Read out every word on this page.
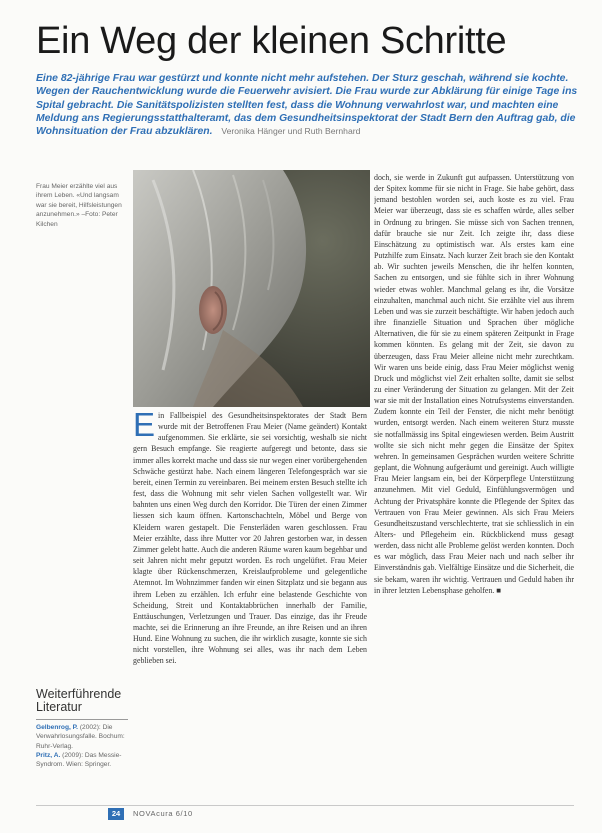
Ein Weg der kleinen Schritte
Eine 82-jährige Frau war gestürzt und konnte nicht mehr aufstehen. Der Sturz geschah, während sie kochte. Wegen der Rauchentwicklung wurde die Feuerwehr avisiert. Die Frau wurde zur Abklärung für einige Tage ins Spital gebracht. Die Sanitätspolizisten stellten fest, dass die Wohnung verwahrlost war, und machten eine Meldung ans Regierungsstatthalteramt, das dem Gesundheitsinspektorat der Stadt Bern den Auftrag gab, die Wohnsituation der Frau abzuklären. Veronika Hänger und Ruth Bernhard
Frau Meier erzählte viel aus ihrem Leben. «Und langsam war sie bereit, Hilfsleistungen anzunehmen.» –Foto: Peter Kilchen

Ein Fallbeispiel des Gesundheitsinspektorates der Stadt Bern wurde mit der Betroffenen Frau Meier (Name geändert) Kontakt aufgenommen. Sie erklärte, sie sei vorsichtig, weshalb sie nicht gern Besuch empfange. Sie reagierte aufgeregt und betonte, dass sie immer alles korrekt mache und dass sie nur wegen einer vorübergehenden Schwäche gestürzt habe. Nach einem längeren Telefongespräch war sie bereit, einen Termin zu vereinbaren. Bei meinem ersten Besuch stellte ich fest, dass die Wohnung mit sehr vielen Sachen vollgestellt war. Wir bahnten uns einen Weg durch den Korridor. Die Türen der einen Zimmer liessen sich kaum öffnen. Kartonschachteln, Möbel und Berge von Kleidern waren gestapelt. Die Fensterläden waren geschlossen. Frau Meier erzählte, dass ihre Mutter vor 20 Jahren gestorben war, in dessen Zimmer gelebt hatte. Auch die anderen Räume waren kaum begehbar und seit Jahren nicht mehr geputzt worden. Es roch ungelüftet. Frau Meier klagte über Rückenschmerzen, Kreislaufprobleme und gelegentliche Atemnot. Im Wohnzimmer fanden wir einen Sitzplatz und sie begann aus ihrem Leben zu erzählen. Ich erfuhr eine belastende Geschichte von Scheidung, Streit und Kontaktabbrüchen innerhalb der Familie, Enttäuschungen, Verletzungen und Trauer. Das einzige, das ihr Freude machte, sei die Erinnerung an ihre Freunde, an ihre Reisen und an ihren Hund. Eine Wohnung zu suchen, die ihr wirklich zusagte, konnte sie sich nicht vorstellen, ihre Wohnung sei alles, was ihr nach dem Leben geblieben sei.

doch, sie werde in Zukunft gut aufpassen. Unterstützung von der Spitex komme für sie nicht in Frage. Sie habe gehört, dass jemand bestohlen worden sei, auch koste es zu viel. Frau Meier war überzeugt, dass sie es schaffen würde, alles selber in Ordnung zu bringen. Sie müsse sich von Sachen trennen, dafür brauche sie nur Zeit. Ich zeigte ihr, dass diese Einschätzung zu optimistisch war. Als erstes kam eine Putzhilfe zum Einsatz. Nach kurzer Zeit brach sie den Kontakt ab. Wir suchten jeweils Menschen, die ihr helfen konnten, Sachen zu entsorgen, und sie fühlte sich in ihrer Wohnung wieder etwas wohler. Manchmal gelang es ihr, die Vorsätze einzuhalten, manchmal auch nicht. Sie erzählte viel aus ihrem Leben und was sie zurzeit beschäftigte. Wir haben jedoch auch ihre finanzielle Situation und Sprachen über mögliche Alternativen, die für sie zu einem späteren Zeitpunkt in Frage kommen könnten. Es gelang mit der Zeit, sie davon zu überzeugen, dass Frau Meier alleine nicht mehr zurechtkam. Wir waren uns beide einig, dass Frau Meier möglichst wenig Druck und möglichst viel Zeit erhalten sollte, damit sie selbst zu einer Veränderung der Situation zu gelangen. Mit der Zeit war sie mit der Installation eines Notrufsystems einverstanden. Zudem konnte ein Teil der Fenster, die nicht mehr benötigt wurden, entsorgt werden. Nach einem weiteren Sturz musste sie notfallmässig ins Spital eingewiesen werden. Beim Austritt wollte sie sich nicht mehr gegen die Einsätze der Spitex wehren. In gemeinsamen Gesprächen wurden weitere Schritte geplant, die Wohnung aufgeräumt und gereinigt. Auch willigte Frau Meier langsam ein, bei der Körperpflege Unterstützung anzunehmen. Mit viel Geduld, Einfühlungsvermögen und Achtung der Privatsphäre konnte die Pflegende der Spitex das Vertrauen von Frau Meier gewinnen. Als sich Frau Meiers Gesundheitszustand verschlechterte, trat sie schliesslich in ein Alters- und Pflegeheim ein. Rückblickend muss gesagt werden, dass nicht alle Probleme gelöst werden konnten. Doch es war möglich, dass Frau Meier nach und nach selber ihr Einverständnis gab. Vielfältige Einsätze und die Sicherheit, die sie bekam, waren ihr wichtig. Vertrauen und Geduld haben ihr in ihrer letzten Lebensphase geholfen. ■

Weiterführende Literatur
Gelbenrog, P. (2002): Die Verwahrlosungsfalle. Bochum: Ruhr-Verlag.
Pritz, A. (2009): Das Messie-Syndrom. Wien: Springer.
24	NOVAcura 6/10
